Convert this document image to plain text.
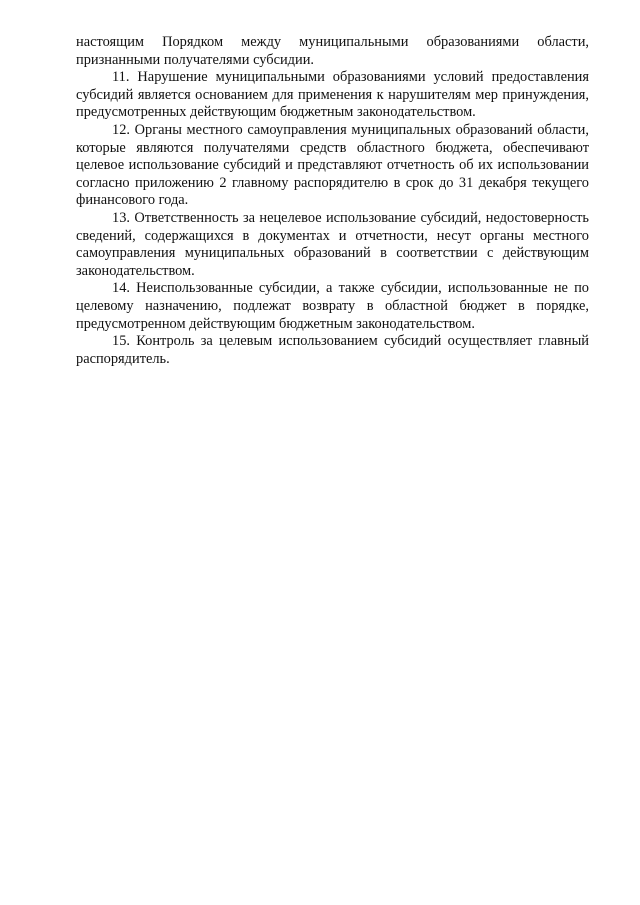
настоящим Порядком между муниципальными образованиями области, признанными получателями субсидии.

11. Нарушение муниципальными образованиями условий предоставления субсидий является основанием для применения к нарушителям мер принуждения, предусмотренных действующим бюджетным законодательством.

12. Органы местного самоуправления муниципальных образований области, которые являются получателями средств областного бюджета, обеспечивают целевое использование субсидий и представляют отчетность об их использовании согласно приложению 2 главному распорядителю в срок до 31 декабря текущего финансового года.

13. Ответственность за нецелевое использование субсидий, недостоверность сведений, содержащихся в документах и отчетности, несут органы местного самоуправления муниципальных образований в соответствии с действующим законодательством.

14. Неиспользованные субсидии, а также субсидии, использованные не по целевому назначению, подлежат возврату в областной бюджет в порядке, предусмотренном действующим бюджетным законодательством.

15. Контроль за целевым использованием субсидий осуществляет главный распорядитель.
